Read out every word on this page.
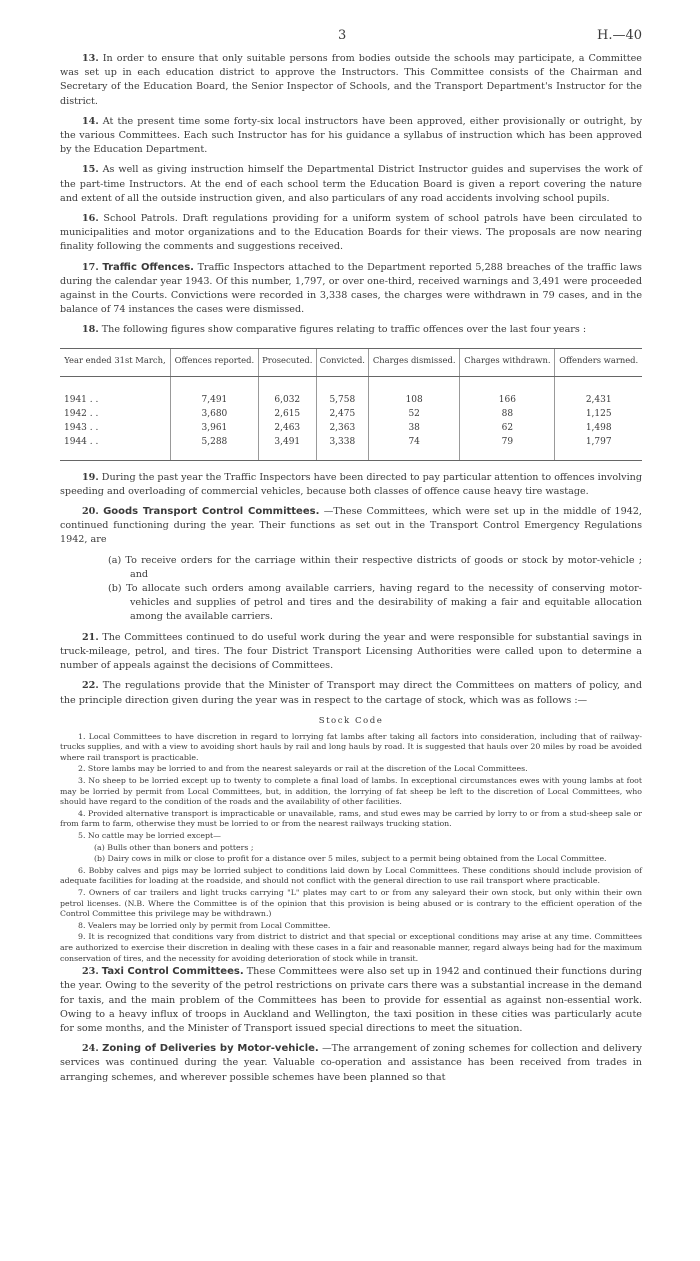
3	H.—40

13. In order to ensure that only suitable persons from bodies outside the schools may participate, a Committee was set up in each education district to approve the Instructors. This Committee consists of the Chairman and Secretary of the Education Board, the Senior Inspector of Schools, and the Transport Department's Instructor for the district.

14. At the present time some forty-six local instructors have been approved, either provisionally or outright, by the various Committees. Each such Instructor has for his guidance a syllabus of instruction which has been approved by the Education Department.

15. As well as giving instruction himself the Departmental District Instructor guides and supervises the work of the part-time Instructors. At the end of each school term the Education Board is given a report covering the nature and extent of all the outside instruction given, and also particulars of any road accidents involving school pupils.

16. School Patrols. Draft regulations providing for a uniform system of school patrols have been circulated to municipalities and motor organizations and to the Education Boards for their views. The proposals are now nearing finality following the comments and suggestions received.

17. Traffic Offences. Traffic Inspectors attached to the Department reported 5,288 breaches of the traffic laws during the calendar year 1943. Of this number, 1,797, or over one-third, received warnings and 3,491 were proceeded against in the Courts. Convictions were recorded in 3,338 cases, the charges were withdrawn in 79 cases, and in the balance of 74 instances the cases were dismissed.

18. The following figures show comparative figures relating to traffic offences over the last four years :

Year ended 31st March,	Offences reported.	Prosecuted.	Convicted.	Charges dismissed.	Charges withdrawn.	Offenders warned.

1941 . .	7,491	6,032	5,758	108	166	2,431
1942 . .	3,680	2,615	2,475	52	88	1,125
1943 . .	3,961	2,463	2,363	38	62	1,498
1944 . .	5,288	3,491	3,338	74	79	1,797

19. During the past year the Traffic Inspectors have been directed to pay particular attention to offences involving speeding and overloading of commercial vehicles, because both classes of offence cause heavy tire wastage.

20. Goods Transport Control Committees. —These Committees, which were set up in the middle of 1942, continued functioning during the year. Their functions as set out in the Transport Control Emergency Regulations 1942, are

(a) To receive orders for the carriage within their respective districts of goods or stock by motor-vehicle ; and
(b) To allocate such orders among available carriers, having regard to the necessity of conserving motor-vehicles and supplies of petrol and tires and the desirability of making a fair and equitable allocation among the available carriers.

21. The Committees continued to do useful work during the year and were responsible for substantial savings in truck-mileage, petrol, and tires. The four District Transport Licensing Authorities were called upon to determine a number of appeals against the decisions of Committees.

22. The regulations provide that the Minister of Transport may direct the Committees on matters of policy, and the principle direction given during the year was in respect to the cartage of stock, which was as follows :—

Stock Code

1. Local Committees to have discretion in regard to lorrying fat lambs after taking all factors into consideration, including that of railway-trucks supplies, and with a view to avoiding short hauls by rail and long hauls by road. It is suggested that hauls over 20 miles by road be avoided where rail transport is practicable.

2. Store lambs may be lorried to and from the nearest saleyards or rail at the discretion of the Local Committees.

3. No sheep to be lorried except up to twenty to complete a final load of lambs. In exceptional circumstances ewes with young lambs at foot may be lorried by permit from Local Committees, but, in addition, the lorrying of fat sheep be left to the discretion of Local Committees, who should have regard to the condition of the roads and the availability of other facilities.

4. Provided alternative transport is impracticable or unavailable, rams, and stud ewes may be carried by lorry to or from a stud-sheep sale or from farm to farm, otherwise they must be lorried to or from the nearest railways trucking station.

5. No cattle may be lorried except—

(a) Bulls other than boners and potters ;

(b) Dairy cows in milk or close to profit for a distance over 5 miles, subject to a permit being obtained from the Local Committee.

6. Bobby calves and pigs may be lorried subject to conditions laid down by Local Committees. These conditions should include provision of adequate facilities for loading at the roadside, and should not conflict with the general direction to use rail transport where practicable.

7. Owners of car trailers and light trucks carrying "L" plates may cart to or from any saleyard their own stock, but only within their own petrol licenses. (N.B. Where the Committee is of the opinion that this provision is being abused or is contrary to the efficient operation of the Control Committee this privilege may be withdrawn.)

8. Vealers may be lorried only by permit from Local Committee.

9. It is recognized that conditions vary from district to district and that special or exceptional conditions may arise at any time. Committees are authorized to exercise their discretion in dealing with these cases in a fair and reasonable manner, regard always being had for the maximum conservation of tires, and the necessity for avoiding deterioration of stock while in transit.

23. Taxi Control Committees. These Committees were also set up in 1942 and continued their functions during the year. Owing to the severity of the petrol restrictions on private cars there was a substantial increase in the demand for taxis, and the main problem of the Committees has been to provide for essential as against non-essential work. Owing to a heavy influx of troops in Auckland and Wellington, the taxi position in these cities was particularly acute for some months, and the Minister of Transport issued special directions to meet the situation.

24. Zoning of Deliveries by Motor-vehicle. —The arrangement of zoning schemes for collection and delivery services was continued during the year. Valuable co-operation and assistance has been received from trades in arranging schemes, and wherever possible schemes have been planned so that
